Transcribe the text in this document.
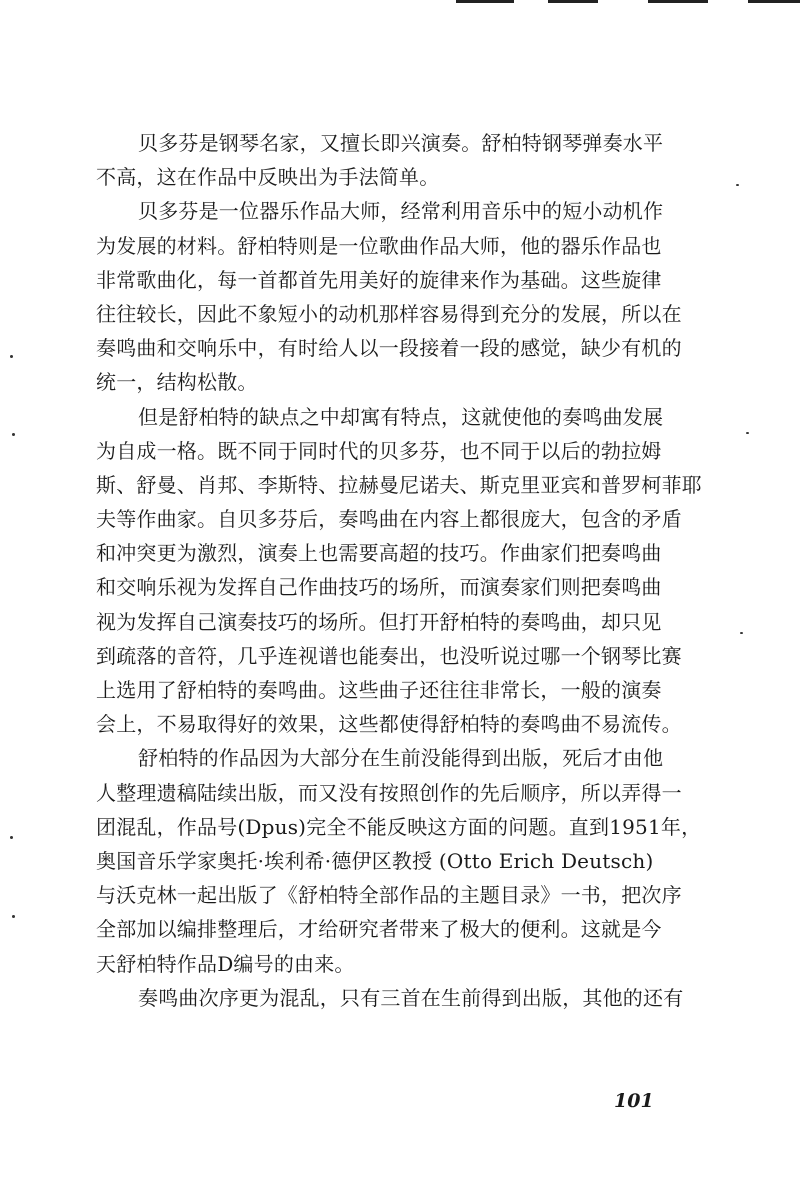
贝多芬是钢琴名家，又擅长即兴演奏。舒柏特钢琴弹奏水平
不高，这在作品中反映出为手法简单。
贝多芬是一位器乐作品大师，经常利用音乐中的短小动机作
为发展的材料。舒柏特则是一位歌曲作品大师，他的器乐作品也
非常歌曲化，每一首都首先用美好的旋律来作为基础。这些旋律
往往较长，因此不象短小的动机那样容易得到充分的发展，所以在
奏鸣曲和交响乐中，有时给人以一段接着一段的感觉，缺少有机的
统一，结构松散。
但是舒柏特的缺点之中却寓有特点，这就使他的奏鸣曲发展
为自成一格。既不同于同时代的贝多芬，也不同于以后的勃拉姆
斯、舒曼、肖邦、李斯特、拉赫曼尼诺夫、斯克里亚宾和普罗柯菲耶
夫等作曲家。自贝多芬后，奏鸣曲在内容上都很庞大，包含的矛盾
和冲突更为激烈，演奏上也需要高超的技巧。作曲家们把奏鸣曲
和交响乐视为发挥自己作曲技巧的场所，而演奏家们则把奏鸣曲
视为发挥自己演奏技巧的场所。但打开舒柏特的奏鸣曲，却只见
到疏落的音符，几乎连视谱也能奏出，也没听说过哪一个钢琴比赛
上选用了舒柏特的奏鸣曲。这些曲子还往往非常长，一般的演奏
会上，不易取得好的效果，这些都使得舒柏特的奏鸣曲不易流传。
舒柏特的作品因为大部分在生前没能得到出版，死后才由他
人整理遗稿陆续出版，而又没有按照创作的先后顺序，所以弄得一
团混乱，作品号(Dpus)完全不能反映这方面的问题。直到1951年，
奥国音乐学家奥托·埃利希·德伊区教授 (Otto Erich Deutsch)
与沃克林一起出版了《舒柏特全部作品的主题目录》一书，把次序
全部加以编排整理后，才给研究者带来了极大的便利。这就是今
天舒柏特作品D编号的由来。
奏鸣曲次序更为混乱，只有三首在生前得到出版，其他的还有
101
